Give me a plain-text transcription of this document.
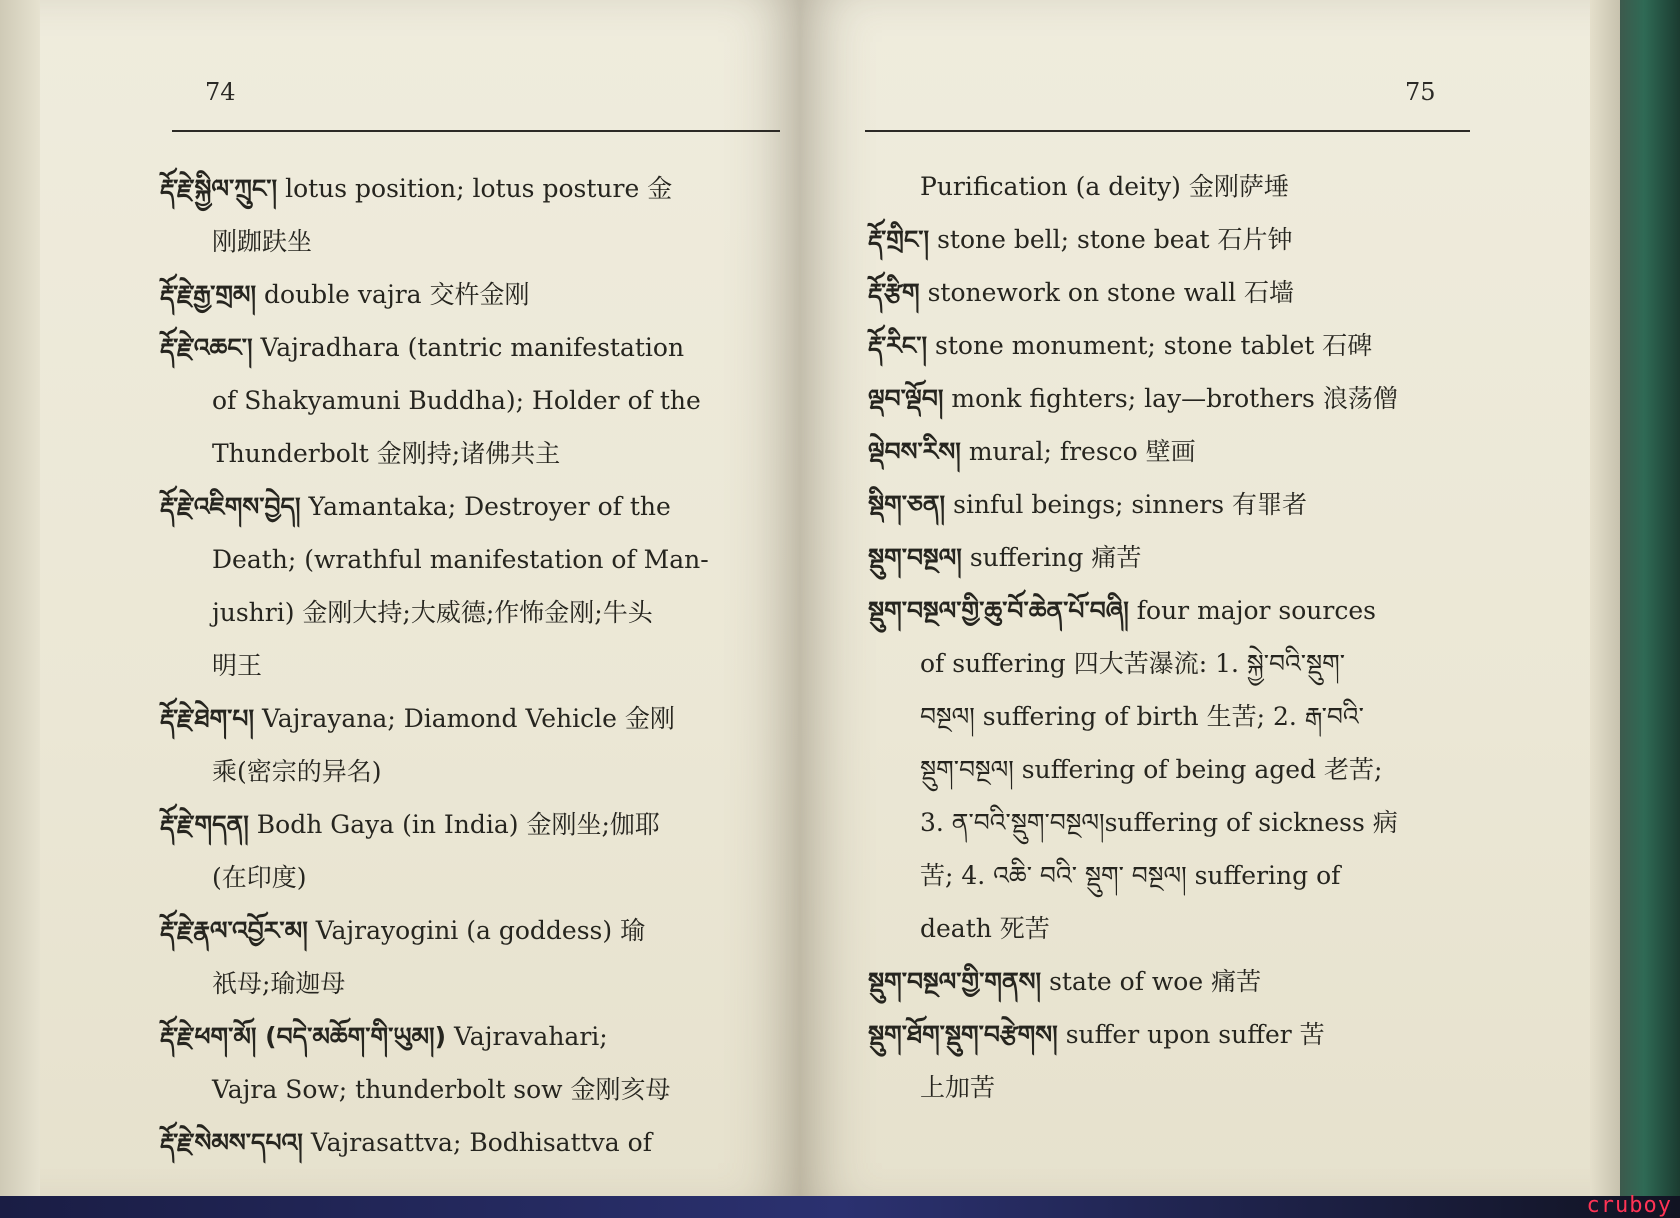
74
རྡོ་རྗེ་སྐྱིལ་ཀྲུང་། lotus position; lotus posture 金
刚跏趺坐
རྡོ་རྗེ་རྒྱ་གྲམ། double vajra 交杵金刚
རྡོ་རྗེ་འཆང་། Vajradhara (tantric manifestation
of Shakyamuni Buddha); Holder of the
Thunderbolt 金刚持;诸佛共主
རྡོ་རྗེ་འཇིགས་བྱེད། Yamantaka; Destroyer of the
Death; (wrathful manifestation of Man-
jushri) 金刚大持;大威德;作怖金刚;牛头
明王
རྡོ་རྗེ་ཐེག་པ། Vajrayana; Diamond Vehicle 金刚
乘(密宗的异名)
རྡོ་རྗེ་གདན། Bodh Gaya (in India) 金刚坐;伽耶
(在印度)
རྡོ་རྗེ་རྣལ་འབྱོར་མ། Vajrayogini (a goddess) 瑜
祇母;瑜迦母
རྡོ་རྗེ་ཕག་མོ། (བདེ་མཆོག་གི་ཡུམ།) Vajravahari;
Vajra Sow; thunderbolt sow 金刚亥母
རྡོ་རྗེ་སེམས་དཔའ། Vajrasattva; Bodhisattva of
75
Purification (a deity) 金刚萨埵
རྡོ་གྲིང་། stone bell; stone beat 石片钟
རྡོ་རྩིག stonework on stone wall 石墙
རྡོ་རིང་། stone monument; stone tablet 石碑
ལྡབ་ལྡོབ། monk fighters; lay—brothers 浪荡僧
ལྡེབས་རིས། mural; fresco 壁画
སྡིག་ཅན། sinful beings; sinners 有罪者
སྡུག་བསྔལ། suffering 痛苦
སྡུག་བསྔལ་གྱི་ཆུ་བོ་ཆེན་པོ་བཞི། four major sources
of suffering 四大苦瀑流: 1. སྐྱེ་བའི་སྡུག་
བསྔལ། suffering of birth 生苦; 2. རྒ་བའི་
སྡུག་བསྔལ། suffering of being aged 老苦;
3. ན་བའི་སྡུག་བསྔལ།suffering of sickness 病
苦; 4. འཆི་ བའི་ སྡུག་ བསྔལ། suffering of
death 死苦
སྡུག་བསྔལ་གྱི་གནས། state of woe 痛苦
སྡུག་ཐོག་སྡུག་བརྩེགས། suffer upon suffer 苦
上加苦
cruboy
